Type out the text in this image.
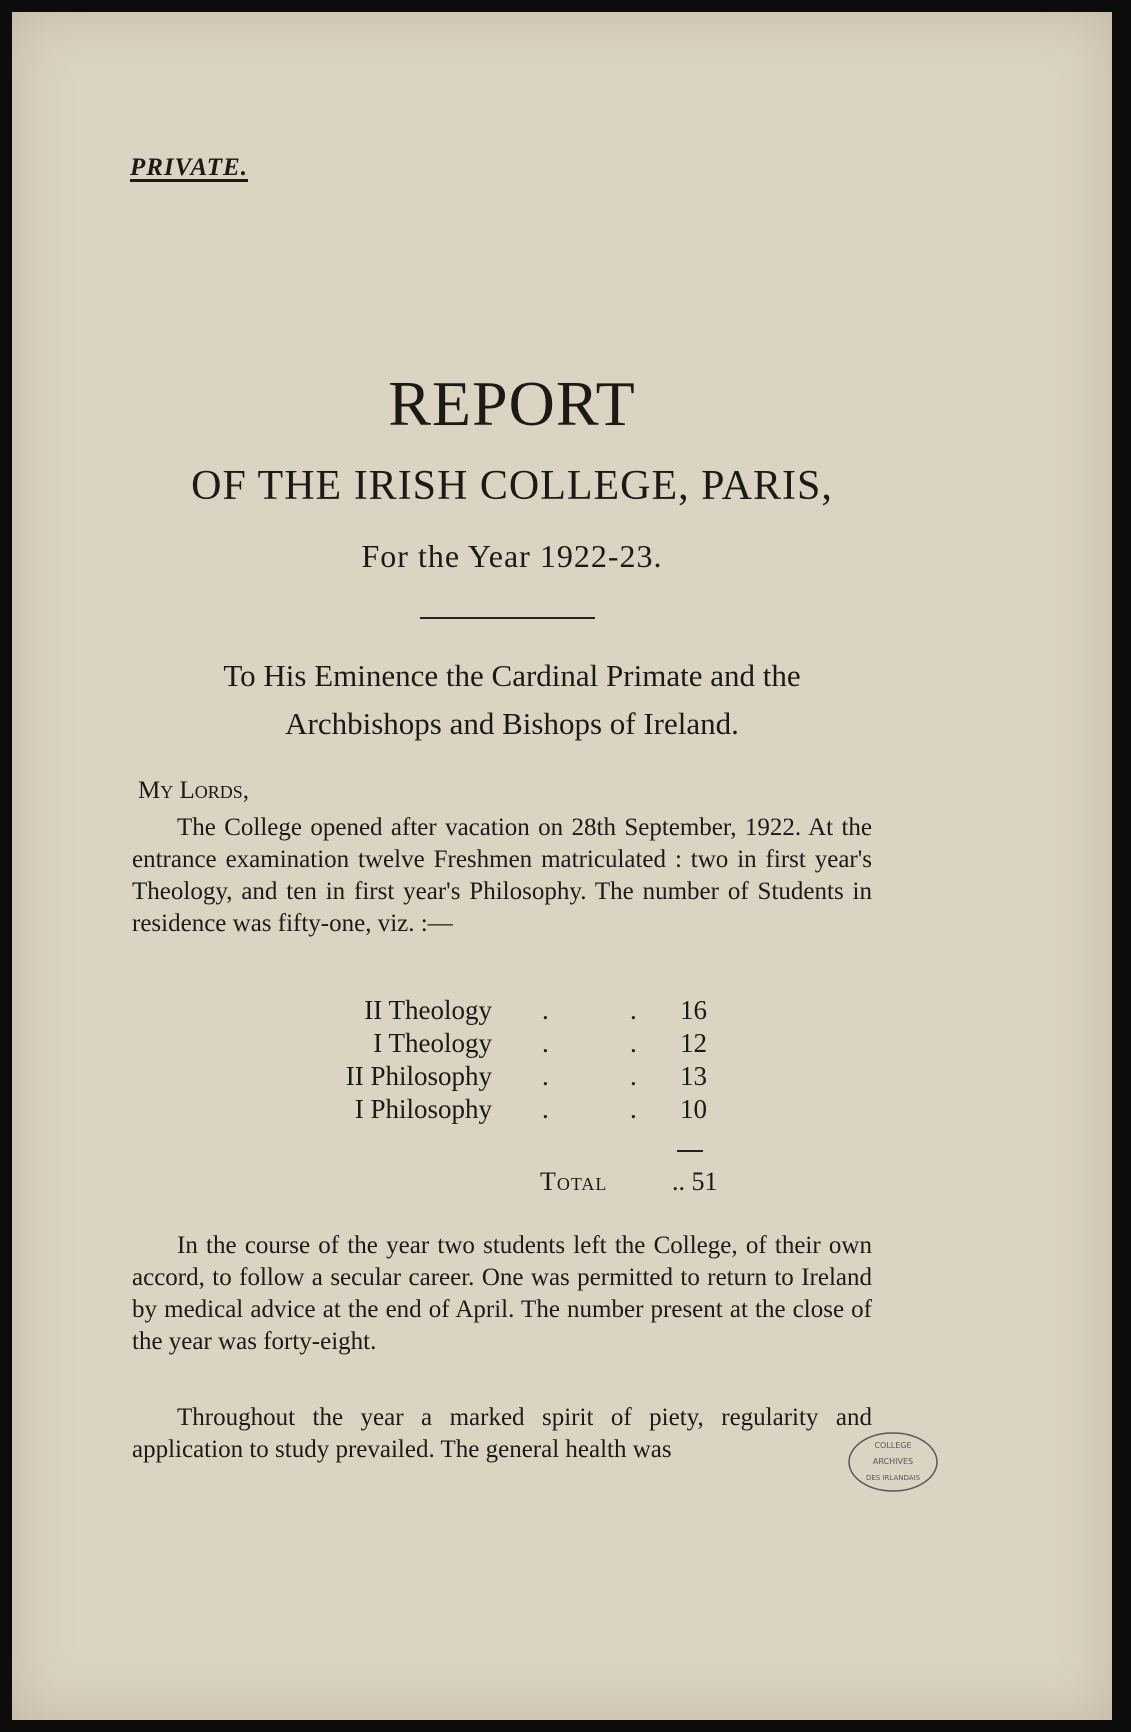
PRIVATE.
REPORT
OF THE IRISH COLLEGE, PARIS,
For the Year 1922-23.
To His Eminence the Cardinal Primate and the
Archbishops and Bishops of Ireland.
My Lords,

The College opened after vacation on 28th September, 1922. At the entrance examination twelve Freshmen matriculated : two in first year's Theology, and ten in first year's Philosophy. The number of Students in residence was fifty-one, viz. :—

II Theology .	. 16
I Theology .	. 12
II Philosophy .	. 13
I Philosophy .	. 10
Total .. 51

In the course of the year two students left the College, of their own accord, to follow a secular career. One was permitted to return to Ireland by medical advice at the end of April. The number present at the close of the year was forty-eight.

Throughout the year a marked spirit of piety, regularity and application to study prevailed. The general health was	COLLEGE
ARCHIVES
DES IRLANDAIS
